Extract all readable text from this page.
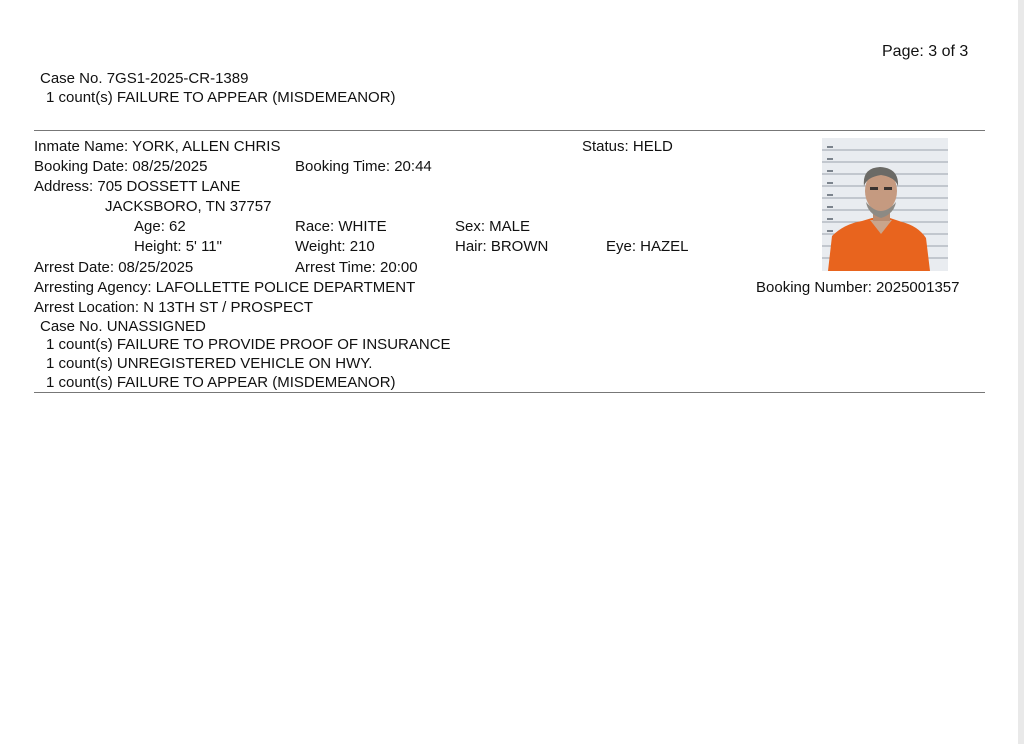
Page: 3 of 3
Case No. 7GS1-2025-CR-1389
1 count(s) FAILURE TO APPEAR (MISDEMEANOR)
Inmate Name: YORK, ALLEN CHRIS	Status: HELD
Booking Date: 08/25/2025	Booking Time: 20:44
Address: 705 DOSSETT LANE
JACKSBORO, TN 37757
Age: 62	Race: WHITE	Sex: MALE
Height: 5' 11"	Weight: 210	Hair: BROWN	Eye: HAZEL
Arrest Date: 08/25/2025	Arrest Time: 20:00
Arresting Agency: LAFOLLETTE POLICE DEPARTMENT	Booking Number: 2025001357
Arrest Location: N 13TH ST / PROSPECT
Case No. UNASSIGNED
1 count(s) FAILURE TO PROVIDE PROOF OF INSURANCE
1 count(s) UNREGISTERED VEHICLE ON HWY.
1 count(s) FAILURE TO APPEAR (MISDEMEANOR)
